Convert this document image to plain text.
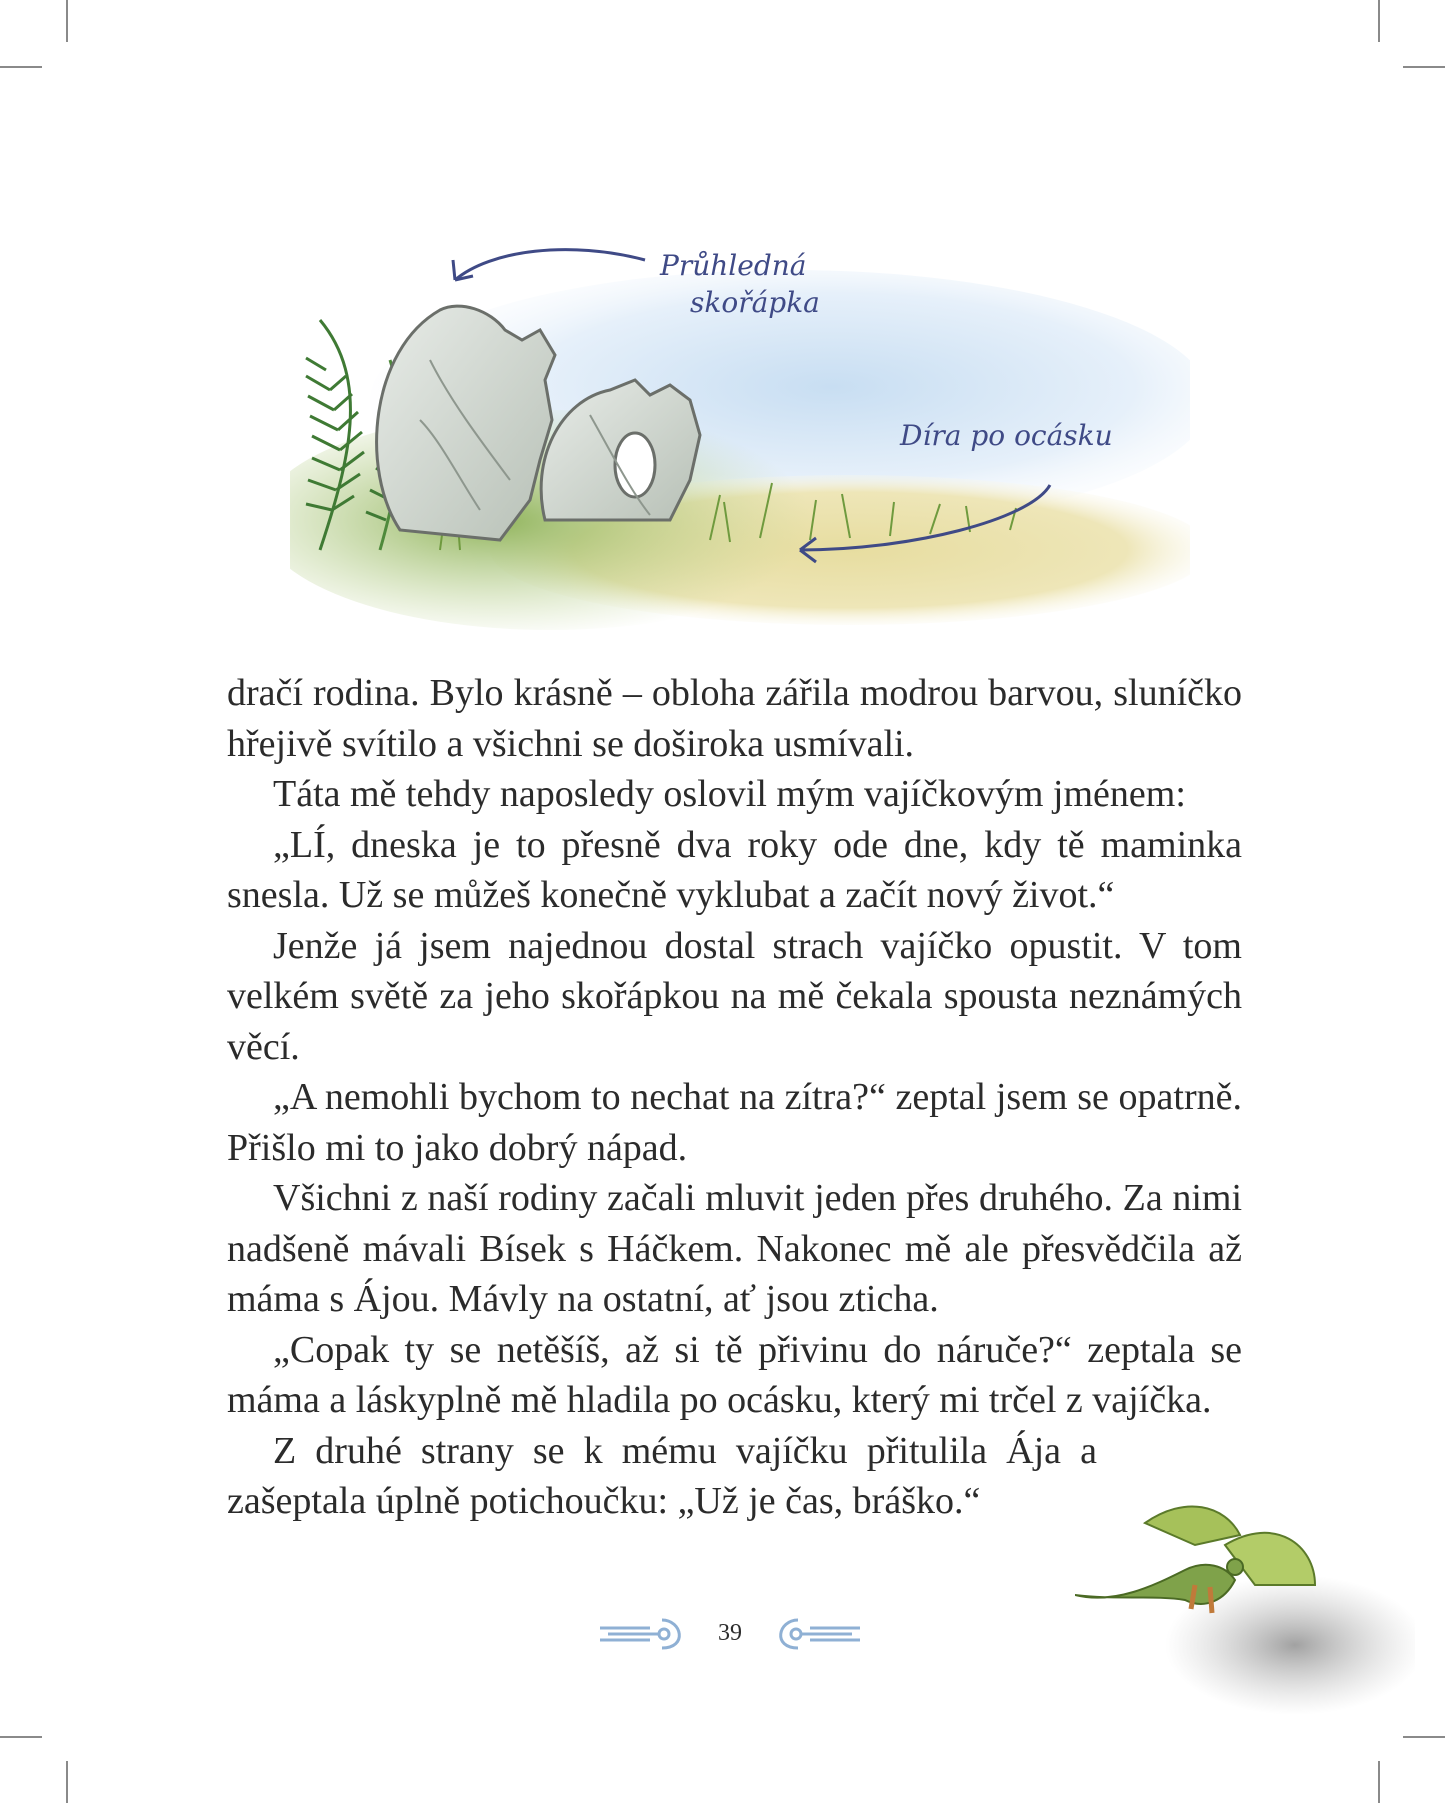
Průhledná
skořápka
Díra po ocásku

dračí rodina. Bylo krásně – obloha zářila modrou barvou, sluníčko hřejivě svítilo a všichni se doširoka usmívali.

Táta mě tehdy naposledy oslovil mým vajíčkovým jménem:

„LÍ, dneska je to přesně dva roky ode dne, kdy tě maminka snesla. Už se můžeš konečně vyklubat a začít nový život.“

Jenže já jsem najednou dostal strach vajíčko opustit. V tom velkém světě za jeho skořápkou na mě čekala spousta neznámých věcí.

„A nemohli bychom to nechat na zítra?“ zeptal jsem se opatrně. Přišlo mi to jako dobrý nápad.

Všichni z naší rodiny začali mluvit jeden přes druhého. Za nimi nadšeně mávali Bísek s Háčkem. Nakonec mě ale přesvědčila až máma s Ájou. Mávly na ostatní, ať jsou zticha.

„Copak ty se netěšíš, až si tě přivinu do náruče?“ zeptala se máma a láskyplně mě hladila po ocásku, který mi trčel z vajíčka.

Z druhé strany se k mému vajíčku přitulila Ája a zašeptala úplně potichoučku: „Už je čas, bráško.“

39
